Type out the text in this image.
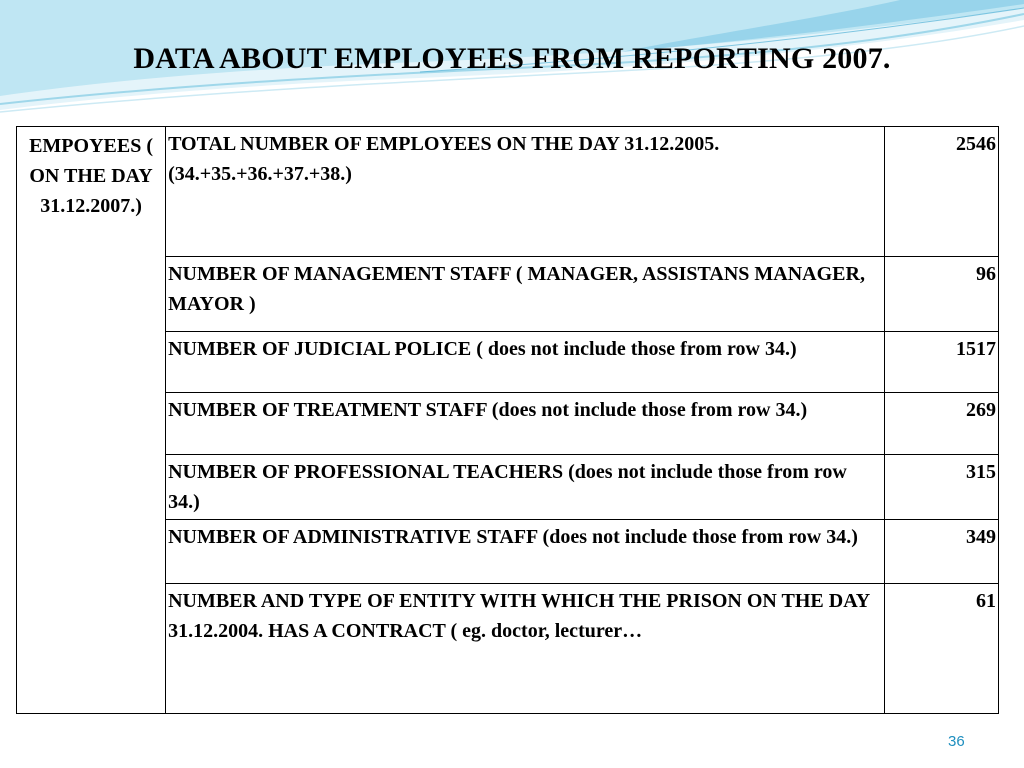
DATA ABOUT EMPLOYEES FROM REPORTING 2007.
EMPOYEES ( ON THE DAY 31.12.2007.)	TOTAL NUMBER OF EMPLOYEES ON THE DAY 31.12.2005.(34.+35.+36.+37.+38.)	2546
	NUMBER OF MANAGEMENT STAFF ( MANAGER, ASSISTANS MANAGER, MAYOR )	96
	NUMBER OF JUDICIAL POLICE ( does not include those from row 34.)	1517
	NUMBER OF TREATMENT STAFF (does not include those from row 34.)	269
	NUMBER OF PROFESSIONAL TEACHERS (does not include those from row 34.)	315
	NUMBER OF ADMINISTRATIVE STAFF (does not include those from row 34.)	349
	NUMBER AND TYPE OF ENTITY WITH WHICH THE PRISON ON THE DAY 31.12.2004. HAS A CONTRACT ( eg. doctor, lecturer…	61
36
